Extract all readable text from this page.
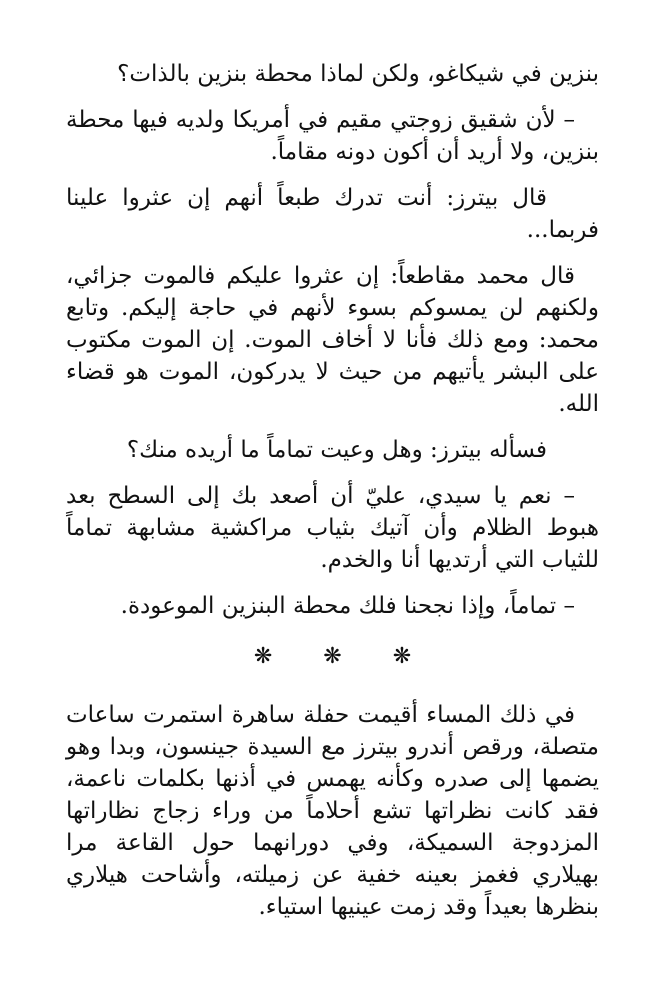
بنزين في شيكاغو، ولكن لماذا محطة بنزين بالذات؟

– لأن شقيق زوجتي مقيم في أمريكا ولديه فيها محطة بنزين، ولا أريد أن أكون دونه مقاماً.

قال بيترز: أنت تدرك طبعاً أنهم إن عثروا علينا فربما...

قال محمد مقاطعاً: إن عثروا عليكم فالموت جزائي، ولكنهم لن يمسوكم بسوء لأنهم في حاجة إليكم. وتابع محمد: ومع ذلك فأنا لا أخاف الموت. إن الموت مكتوب على البشر يأتيهم من حيث لا يدركون، الموت هو قضاء الله.

فسأله بيترز: وهل وعيت تماماً ما أريده منك؟

– نعم يا سيدي، عليّ أن أصعد بك إلى السطح بعد هبوط الظلام وأن آتيك بثياب مراكشية مشابهة تماماً للثياب التي أرتديها أنا والخدم.

– تماماً، وإذا نجحنا فلك محطة البنزين الموعودة.

❋ ❋ ❋

في ذلك المساء أقيمت حفلة ساهرة استمرت ساعات متصلة، ورقص أندرو بيترز مع السيدة جينسون، وبدا وهو يضمها إلى صدره وكأنه يهمس في أذنها بكلمات ناعمة، فقد كانت نظراتها تشع أحلاماً من وراء زجاج نظاراتها المزدوجة السميكة، وفي دورانهما حول القاعة مرا بهيلاري فغمز بعينه خفية عن زميلته، وأشاحت هيلاري بنظرها بعيداً وقد زمت عينيها استياء.
